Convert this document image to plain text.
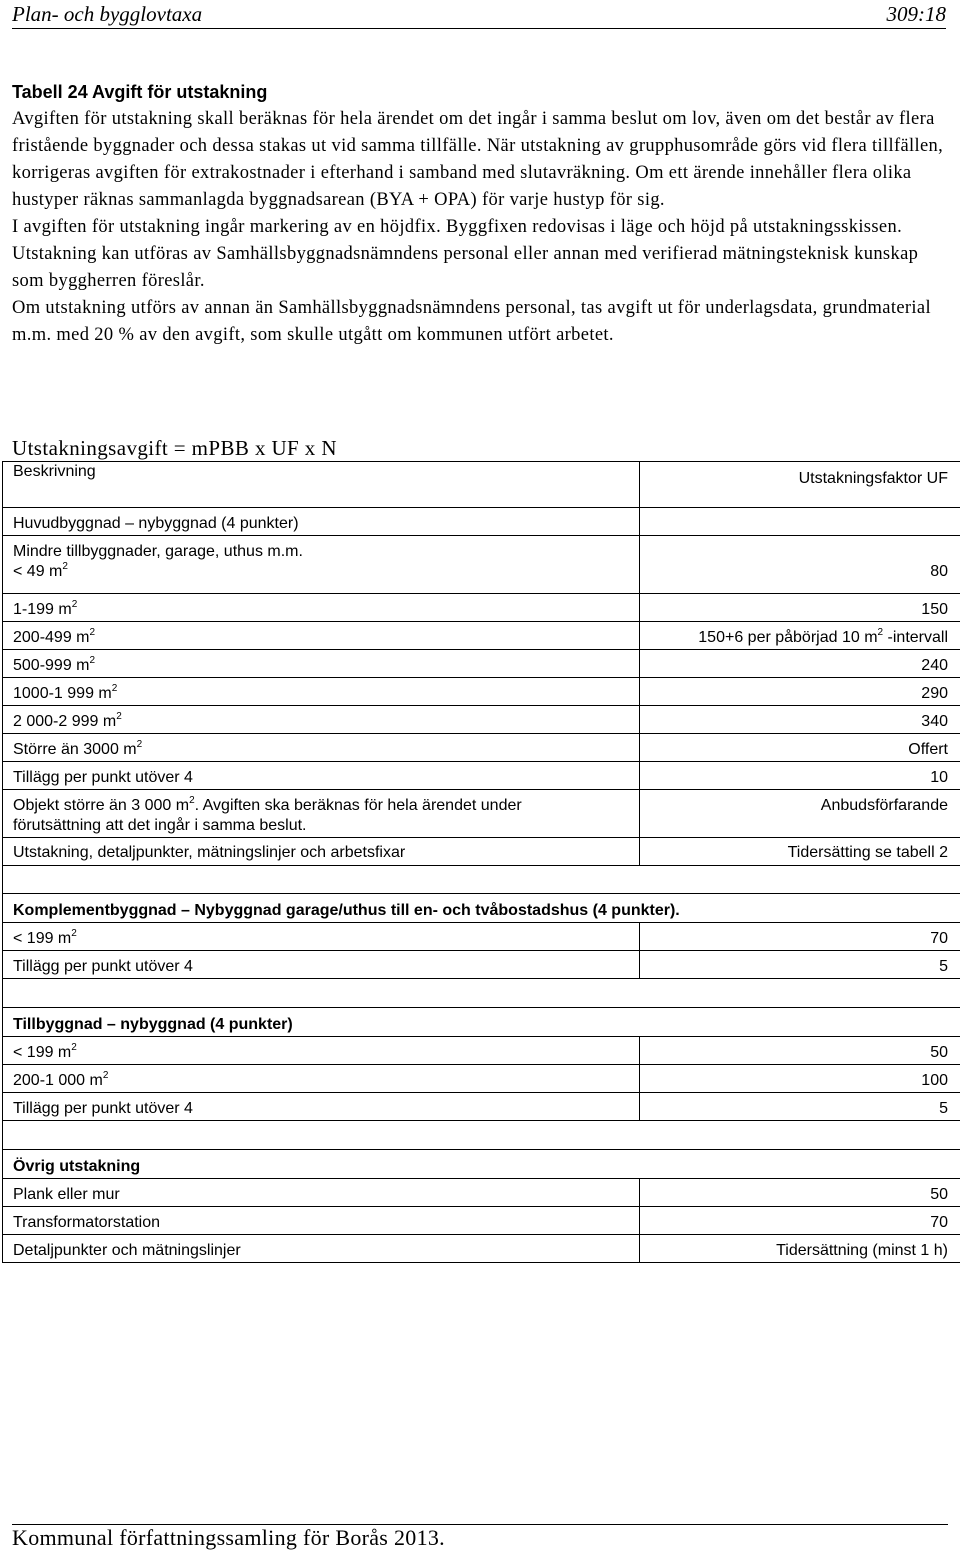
Plan- och bygglovtaxa	309:18
Tabell 24 Avgift för utstakning

Avgiften för utstakning skall beräknas för hela ärendet om det ingår i samma beslut om lov, även om det består av flera fristående byggnader och dessa stakas ut vid samma tillfälle. När utstakning av grupphusområde görs vid flera tillfällen, korrigeras avgiften för extrakostnader i efterhand i samband med slutavräkning. Om ett ärende innehåller flera olika hustyper räknas sammanlagda byggnadsarean (BYA + OPA) för varje hustyp för sig.

I avgiften för utstakning ingår markering av en höjdfix. Byggfixen redovisas i läge och höjd på utstakningsskissen.

Utstakning kan utföras av Samhällsbyggnadsnämndens personal eller annan med verifierad mätningsteknisk kunskap som byggherren föreslår.

Om utstakning utförs av annan än Samhällsbyggnadsnämndens personal, tas avgift ut för underlagsdata, grundmaterial m.m. med 20 % av den avgift, som skulle utgått om kommunen utfört arbetet.

Utstakningsavgift = mPBB x UF x N
Beskrivning	Utstakningsfaktor UF
Huvudbyggnad – nybyggnad (4 punkter)	
Mindre tillbyggnader, garage, uthus m.m.
< 49 $m^2$	80
1-199 $m^2$	150
200-499 $m^2$	150+6 per påbörjad 10 $m^2$ -intervall
500-999 $m^2$	240
1000-1 999 $m^2$	290
2 000-2 999 $m^2$	340
Större än 3000 $m^2$	Offert
Tillägg per punkt utöver 4	10
Objekt större än 3 000 $m^2$. Avgiften ska beräknas för hela ärendet under förutsättning att det ingår i samma beslut.	Anbudsförfarande
Utstakning, detaljpunkter, mätningslinjer och arbetsfixar	Tidersätting se tabell 2

Komplementbyggnad – Nybyggnad garage/uthus till en- och tvåbostadshus (4 punkter).	
< 199 $m^2$	70
Tillägg per punkt utöver 4	5

Tillbyggnad – nybyggnad (4 punkter)	
< 199 $m^2$	50
200-1 000 $m^2$	100
Tillägg per punkt utöver 4	5

Övrig utstakning	
Plank eller mur	50
Transformatorstation	70
Detaljpunkter och mätningslinjer	Tidersättning (minst 1 h)
Kommunal författningssamling för Borås 2013.
